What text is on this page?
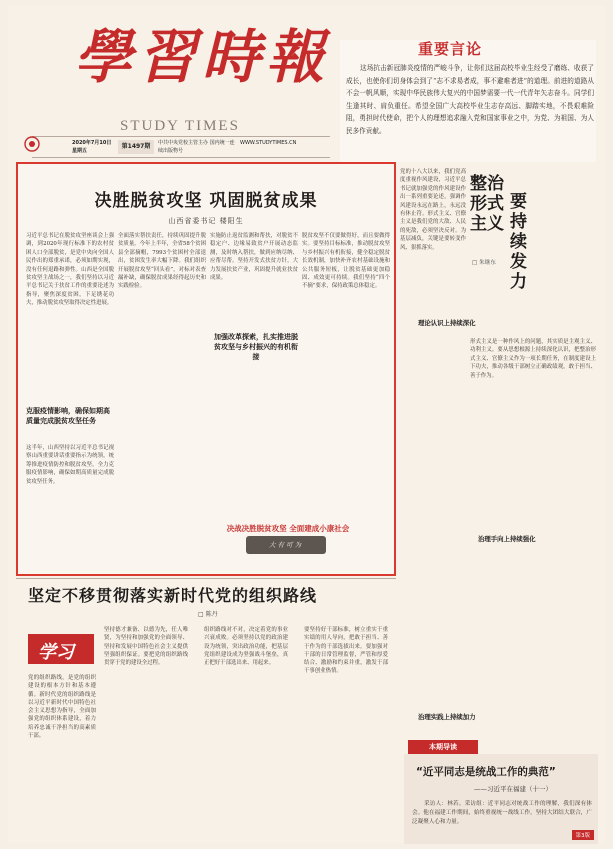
學習時報
STUDY TIMES
2020年7月10日 星期五
第1497期	中共中央党校主管主办 国内统一连续出版物号
WWW.STUDYTIMES.CN
重要言论
这场抗击新冠肺炎疫情的严峻斗争，让你们这届高校毕业生经受了磨练、收获了成长，也使你们切身体会到了“志不求易者成，事不避难者进”的道理。前进的道路从不会一帆风顺，实现中华民族伟大复兴的中国梦需要一代一代青年矢志奋斗。同学们生逢其时、肩负重任。希望全国广大高校毕业生志存高远、脚踏实地，不畏艰难险阻，勇担时代使命，把个人的理想追求融入党和国家事业之中，为党、为祖国、为人民多作贡献。
决胜脱贫攻坚 巩固脱贫成果
山西省委书记 楼阳生
习近平总书记在脱贫攻坚座谈会上强调，到2020年现行标准下的农村贫困人口全部脱贫，是党中央向全国人民作出的郑重承诺，必须如期实现，没有任何退路和弹性。山西是全国脱贫攻坚主战场之一，我们坚持以习近平总书记关于扶贫工作的重要论述为指导，聚焦深度贫困，下足绣花功夫，推动脱贫攻坚取得决定性进展。
克服疫情影响，确保如期高质量完成脱贫攻坚任务
这半年，山西坚持以习近平总书记视察山西重要讲话重要指示为统领，统筹推进疫情防控和脱贫攻坚，全力克服疫情影响，确保如期高质量完成脱贫攻坚任务。
全面落实帮扶责任，持续巩固提升脱贫质量。今年上半年，全省58个贫困县全部摘帽，7993个贫困村全部退出，贫困发生率大幅下降。我们组织开展脱贫攻坚“回头看”，对标对表查漏补缺，确保脱贫成果经得起历史和实践检验。
实施防止返贫监测和帮扶，对脱贫不稳定户、边缘易致贫户开展动态监测，及时纳入帮扶，做到应纳尽纳、应帮尽帮。坚持开发式扶贫方针，大力发展扶贫产业，巩固提升就业扶贫成果。
加强改革探索，扎实推进脱贫攻坚与乡村振兴的有机衔接
脱贫攻坚不仅要做得好，而且要做得实。要坚持目标标准，推动脱贫攻坚与乡村振兴有机衔接，健全稳定脱贫长效机制，加快补齐农村基础设施和公共服务短板，让脱贫基础更加稳固、成效更可持续。我们坚持“四个不摘”要求，保持政策总体稳定。
决战决胜脱贫攻坚 全面建成小康社会
大有可为
党的十八大以来，我们党高度重视作风建设，习近平总书记就加强党的作风建设作出一系列重要论述，强调作风建设永远在路上，永远没有休止符。形式主义、官僚主义是我们党的大敌、人民的死敌，必须坚决反对。为基层减负，关键是要转变作风、狠抓落实。
整治形式主义
要持续发力
□ 朱继东
理论认识上持续深化
治理手向上持续强化
治理实践上持续加力
形式主义是一种作风上的问题，其实质是主观主义、功利主义。要从思想根源上持续深化认识，把整治形式主义、官僚主义作为一项长期任务，在制度建设上下功夫，推动各级干部树立正确政绩观，敢于担当、善于作为。
坚定不移贯彻落实新时代党的组织路线
□ 陈丹
学习
党的组织路线，是党的组织建设的根本方针和基本遵循。新时代党的组织路线是以习近平新时代中国特色社会主义思想为指导，全面加强党的组织体系建设，着力培养忠诚干净担当的高素质干部。
坚持德才兼备、以德为先，任人唯贤，为坚持和加强党的全面领导、坚持和发展中国特色社会主义提供坚强组织保证。要把党的组织路线贯穿于党的建设全过程。
组织路线对不对，决定着党的事业兴衰成败。必须坚持以党的政治建设为统领，突出政治功能，把基层党组织建设成为坚强战斗堡垒，真正把好干部选出来、用起来。
要坚持好干部标准，树立重实干重实绩的用人导向，把敢于担当、善于作为的干部选拔出来。要加强对干部的日常管理监督，严管和厚爱结合、激励和约束并重，激发干部干事创业热情。
本期导读
“近平同志是统战工作的典范”
——习近平在福建（十一）
采访人：林若。采访组：近平同志对统战工作的理解，我们深有体会。他在福建工作期间，始终重视统一战线工作，坚持大团结大联合，广泛凝聚人心和力量。
第3版
